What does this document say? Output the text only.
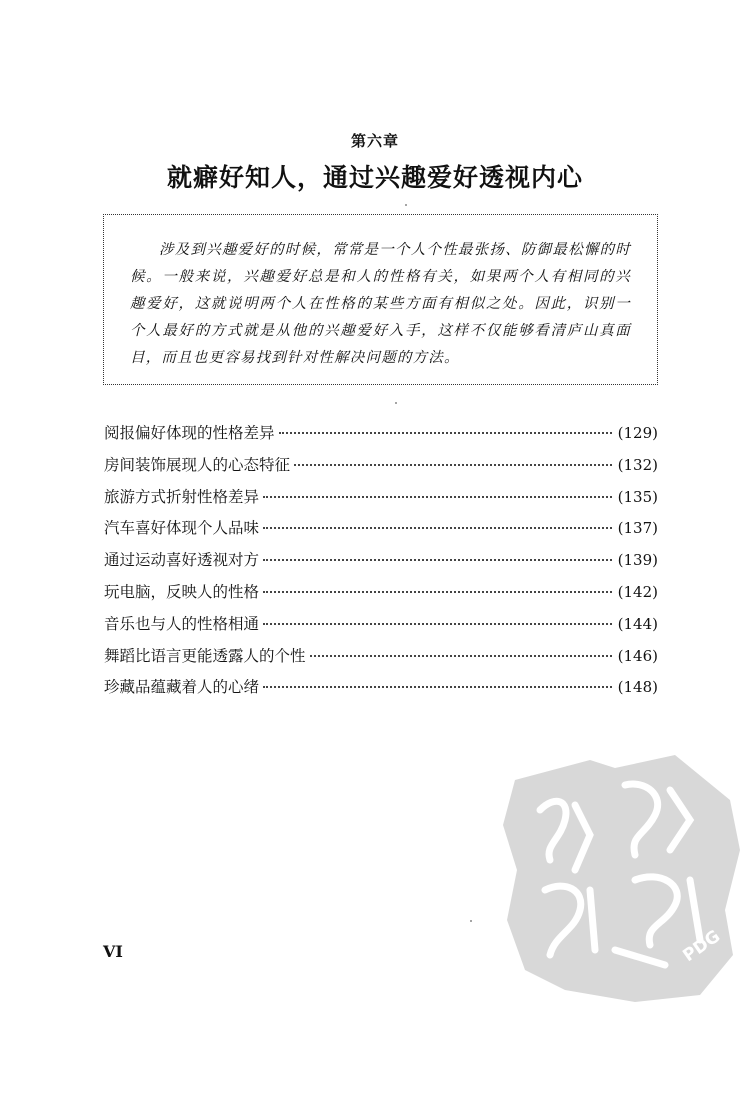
第六章
就癖好知人，通过兴趣爱好透视内心

涉及到兴趣爱好的时候，常常是一个人个性最张扬、防御最松懈的时候。一般来说，兴趣爱好总是和人的性格有关，如果两个人有相同的兴趣爱好，这就说明两个人在性格的某些方面有相似之处。因此，识别一个人最好的方式就是从他的兴趣爱好入手，这样不仅能够看清庐山真面目，而且也更容易找到针对性解决问题的方法。

阅报偏好体现的性格差异	(129)
房间装饰展现人的心态特征	(132)
旅游方式折射性格差异	(135)
汽车喜好体现个人品味	(137)
通过运动喜好透视对方	(139)
玩电脑，反映人的性格	(142)
音乐也与人的性格相通	(144)
舞蹈比语言更能透露人的个性	(146)
珍藏品蕴藏着人的心绪	(148)
VI	PDG
